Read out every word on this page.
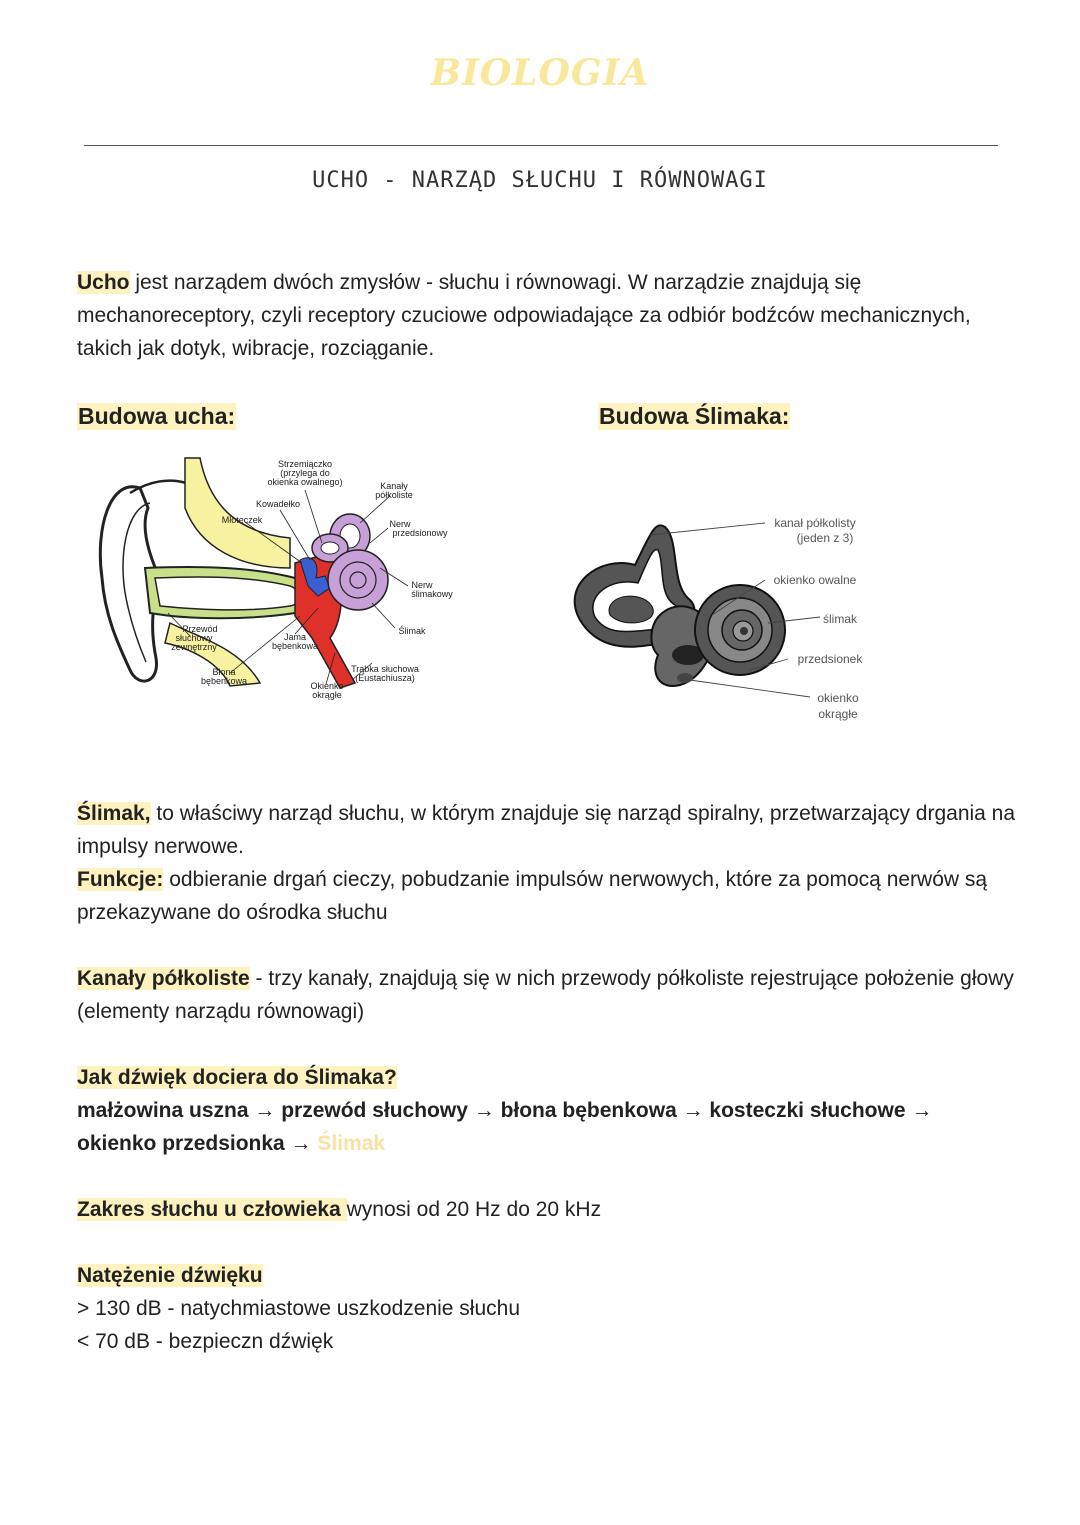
BIOLOGIA
UCHO - NARZĄD SŁUCHU I RÓWNOWAGI

Ucho jest narządem dwóch zmysłów - słuchu i równowagi. W narządzie znajdują się mechanoreceptory, czyli receptory czuciowe odpowiadające za odbiór bodźców mechanicznych, takich jak dotyk, wibracje, rozciąganie.

Budowa ucha:	Budowa Ślimaka:
Strzemiączko
(przylega do
okienka owalnego)
Kowadełko
Młoteczek
Kanały
półkoliste
Nerw
przedsionowy
Nerw
ślimakowy
Ślimak
Przewód
słuchowy
zewnętrzny
Jama
bębenkowa
Błona
bębenkowa
Trąbka słuchowa
(Eustachiusza)
Okienko
okrągłe
kanał półkolisty
(jeden z 3)
okienko owalne
ślimak
przedsionek
okienko
okrągłe

Ślimak, to właściwy narząd słuchu, w którym znajduje się narząd spiralny, przetwarzający drgania na impulsy nerwowe.
Funkcje: odbieranie drgań cieczy, pobudzanie impulsów nerwowych, które za pomocą nerwów są przekazywane do ośrodka słuchu

Kanały półkoliste - trzy kanały, znajdują się w nich przewody półkoliste rejestrujące położenie głowy (elementy narządu równowagi)

Jak dźwięk dociera do Ślimaka?
małżowina uszna → przewód słuchowy → błona bębenkowa → kosteczki słuchowe →
okienko przedsionka → Ślimak

Zakres słuchu u człowieka wynosi od 20 Hz do 20 kHz

Natężenie dźwięku
> 130 dB - natychmiastowe uszkodzenie słuchu
< 70 dB - bezpieczn dźwięk
